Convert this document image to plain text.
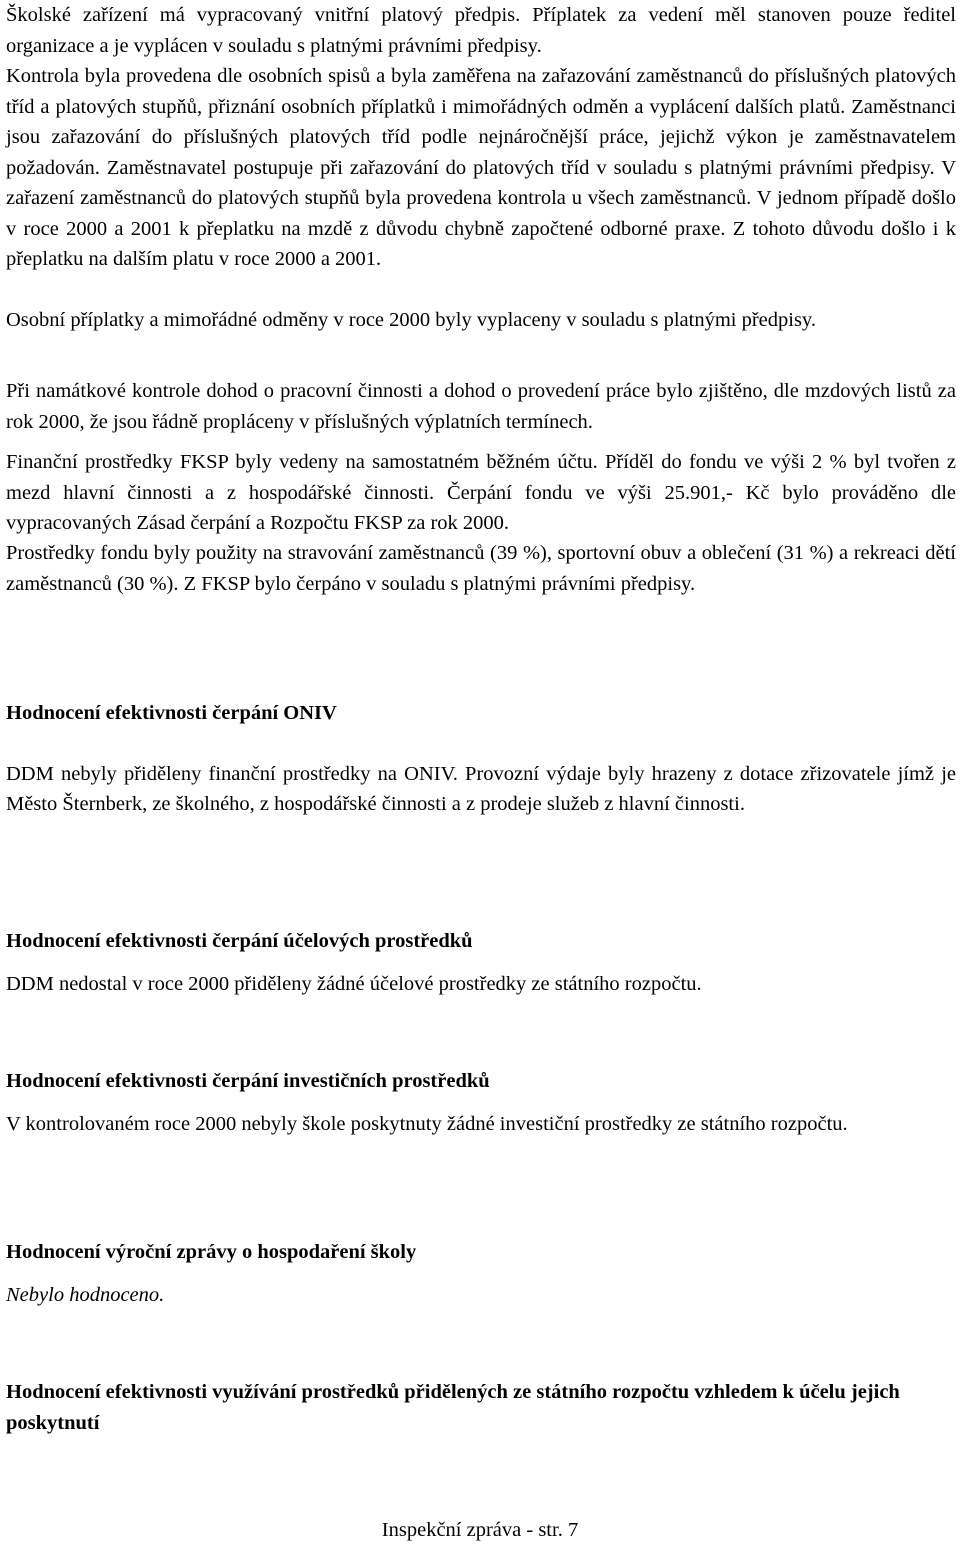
Školské zařízení má vypracovaný vnitřní platový předpis. Příplatek za vedení měl stanoven pouze ředitel organizace a je vyplácen v souladu s platnými právními předpisy.

Kontrola byla provedena dle osobních spisů a byla zaměřena na zařazování zaměstnanců do příslušných platových tříd a platových stupňů, přiznání osobních příplatků i mimořádných odměn a vyplácení dalších platů. Zaměstnanci jsou zařazování do příslušných platových tříd podle nejnáročnější práce, jejichž výkon je zaměstnavatelem požadován. Zaměstnavatel postupuje při zařazování do platových tříd v souladu s platnými právními předpisy. V zařazení zaměstnanců do platových stupňů byla provedena kontrola u všech zaměstnanců. V jednom případě došlo v roce 2000 a 2001 k přeplatku na mzdě z důvodu chybně započtené odborné praxe. Z tohoto důvodu došlo i k přeplatku na dalším platu v roce 2000 a 2001.

Osobní příplatky a mimořádné odměny v roce 2000 byly vyplaceny v souladu s platnými předpisy.

Při namátkové kontrole dohod o pracovní činnosti a dohod o provedení práce bylo zjištěno, dle mzdových listů za rok 2000, že jsou řádně propláceny v příslušných výplatních termínech.

Finanční prostředky FKSP byly vedeny na samostatném běžném účtu. Příděl do fondu ve výši 2 % byl tvořen z mezd hlavní činnosti a z hospodářské činnosti. Čerpání fondu ve výši 25.901,- Kč bylo prováděno dle vypracovaných Zásad čerpání a Rozpočtu FKSP za rok 2000.

Prostředky fondu byly použity na stravování zaměstnanců (39 %), sportovní obuv a oblečení (31 %) a rekreaci dětí zaměstnanců (30 %). Z FKSP bylo čerpáno v souladu s platnými právními předpisy.

Hodnocení efektivnosti čerpání ONIV

DDM nebyly přiděleny finanční prostředky na ONIV. Provozní výdaje byly hrazeny z dotace zřizovatele jímž je Město Šternberk, ze školného, z hospodářské činnosti a z prodeje služeb z hlavní činnosti.

Hodnocení efektivnosti čerpání účelových prostředků

DDM nedostal v roce 2000 přiděleny žádné účelové prostředky ze státního rozpočtu.

Hodnocení efektivnosti čerpání investičních prostředků

V kontrolovaném roce 2000 nebyly škole poskytnuty žádné investiční prostředky ze státního rozpočtu.

Hodnocení výroční zprávy o hospodaření školy

Nebylo hodnoceno.

Hodnocení efektivnosti využívání prostředků přidělených ze státního rozpočtu vzhledem k účelu jejich poskytnutí

Inspekční zpráva - str. 7
